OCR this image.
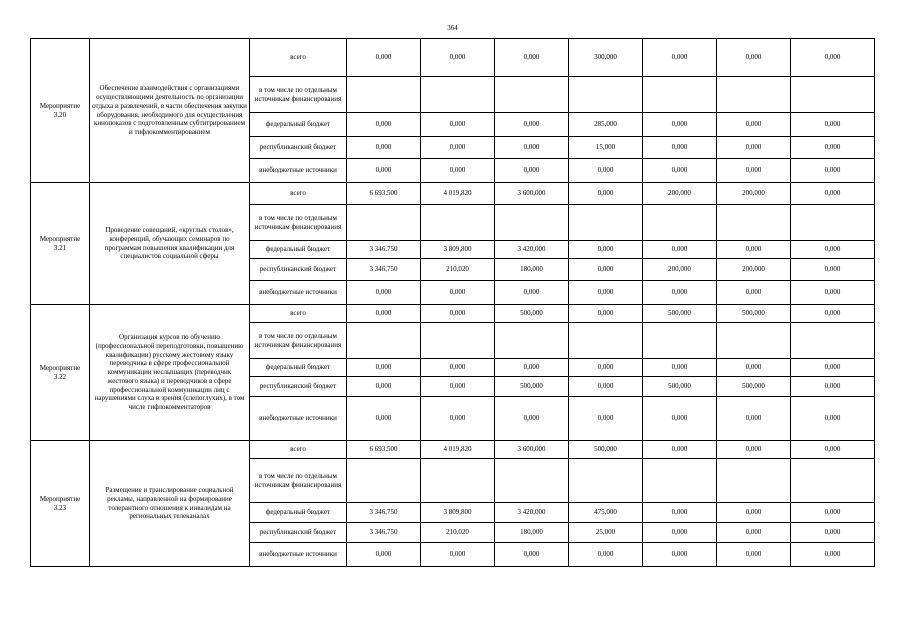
364
Мероприятие 3.20	Обеспечение взаимодействия с организациями осуществляющими деятельность по организации отдыха и развлечений, в части обеспечения закупки оборудования, необходимого для осуществления кинопоказов с подготовленным субтитрированием и тифлокомментированием	всего	0,000	0,000	0,000	300,000	0,000	0,000	0,000
		в том числе по отдельным источникам финансирования							
		федеральный бюджет	0,000	0,000	0,000	285,000	0,000	0,000	0,000
		республиканский бюджет	0,000	0,000	0,000	15,000	0,000	0,000	0,000
		внебюджетные источники	0,000	0,000	0,000	0,000	0,000	0,000	0,000
Мероприятие 3.21	Проведение совещаний, «круглых столов», конференций, обучающих семинаров по программам повышения квалификации для специалистов социальной сферы	всего	6 693,500	4 019,820	3 600,000	0,000	200,000	200,000	0,000
		в том числе по отдельным источникам финансирования							
		федеральный бюджет	3 346,750	3 809,800	3 420,000	0,000	0,000	0,000	0,000
		республиканский бюджет	3 346,750	210,020	180,000	0,000	200,000	200,000	0,000
		внебюджетные источники	0,000	0,000	0,000	0,000	0,000	0,000	0,000
Мероприятие 3.22	Организация курсов по обучению (профессиональной переподготовки, повышению квалификации) русскому жестовому языку переводчика в сфере профессиональной коммуникации неслышащих (переводчик жестового языка) и переводчиков в сфере профессиональной коммуникации лиц с нарушениями слуха и зрения (слепоглухих), в том числе тифлокомментаторов	всего	0,000	0,000	500,000	0,000	500,000	500,000	0,000
		в том числе по отдельным источникам финансирования							
		федеральный бюджет	0,000	0,000	0,000	0,000	0,000	0,000	0,000
		республиканский бюджет	0,000	0,000	500,000	0,000	500,000	500,000	0,000
		внебюджетные источники	0,000	0,000	0,000	0,000	0,000	0,000	0,000
Мероприятие 3.23	Размещение и транслирование социальной рекламы, направленной на формирование толерантного отношения к инвалидам на региональных телеканалах	всего	6 693,500	4 019,820	3 600,000	500,000	0,000	0,000	0,000
		в том числе по отдельным источникам финансирования							
		федеральный бюджет	3 346,750	3 809,800	3 420,000	475,000	0,000	0,000	0,000
		республиканский бюджет	3 346,750	210,020	180,000	25,000	0,000	0,000	0,000
		внебюджетные источники	0,000	0,000	0,000	0,000	0,000	0,000	0,000
